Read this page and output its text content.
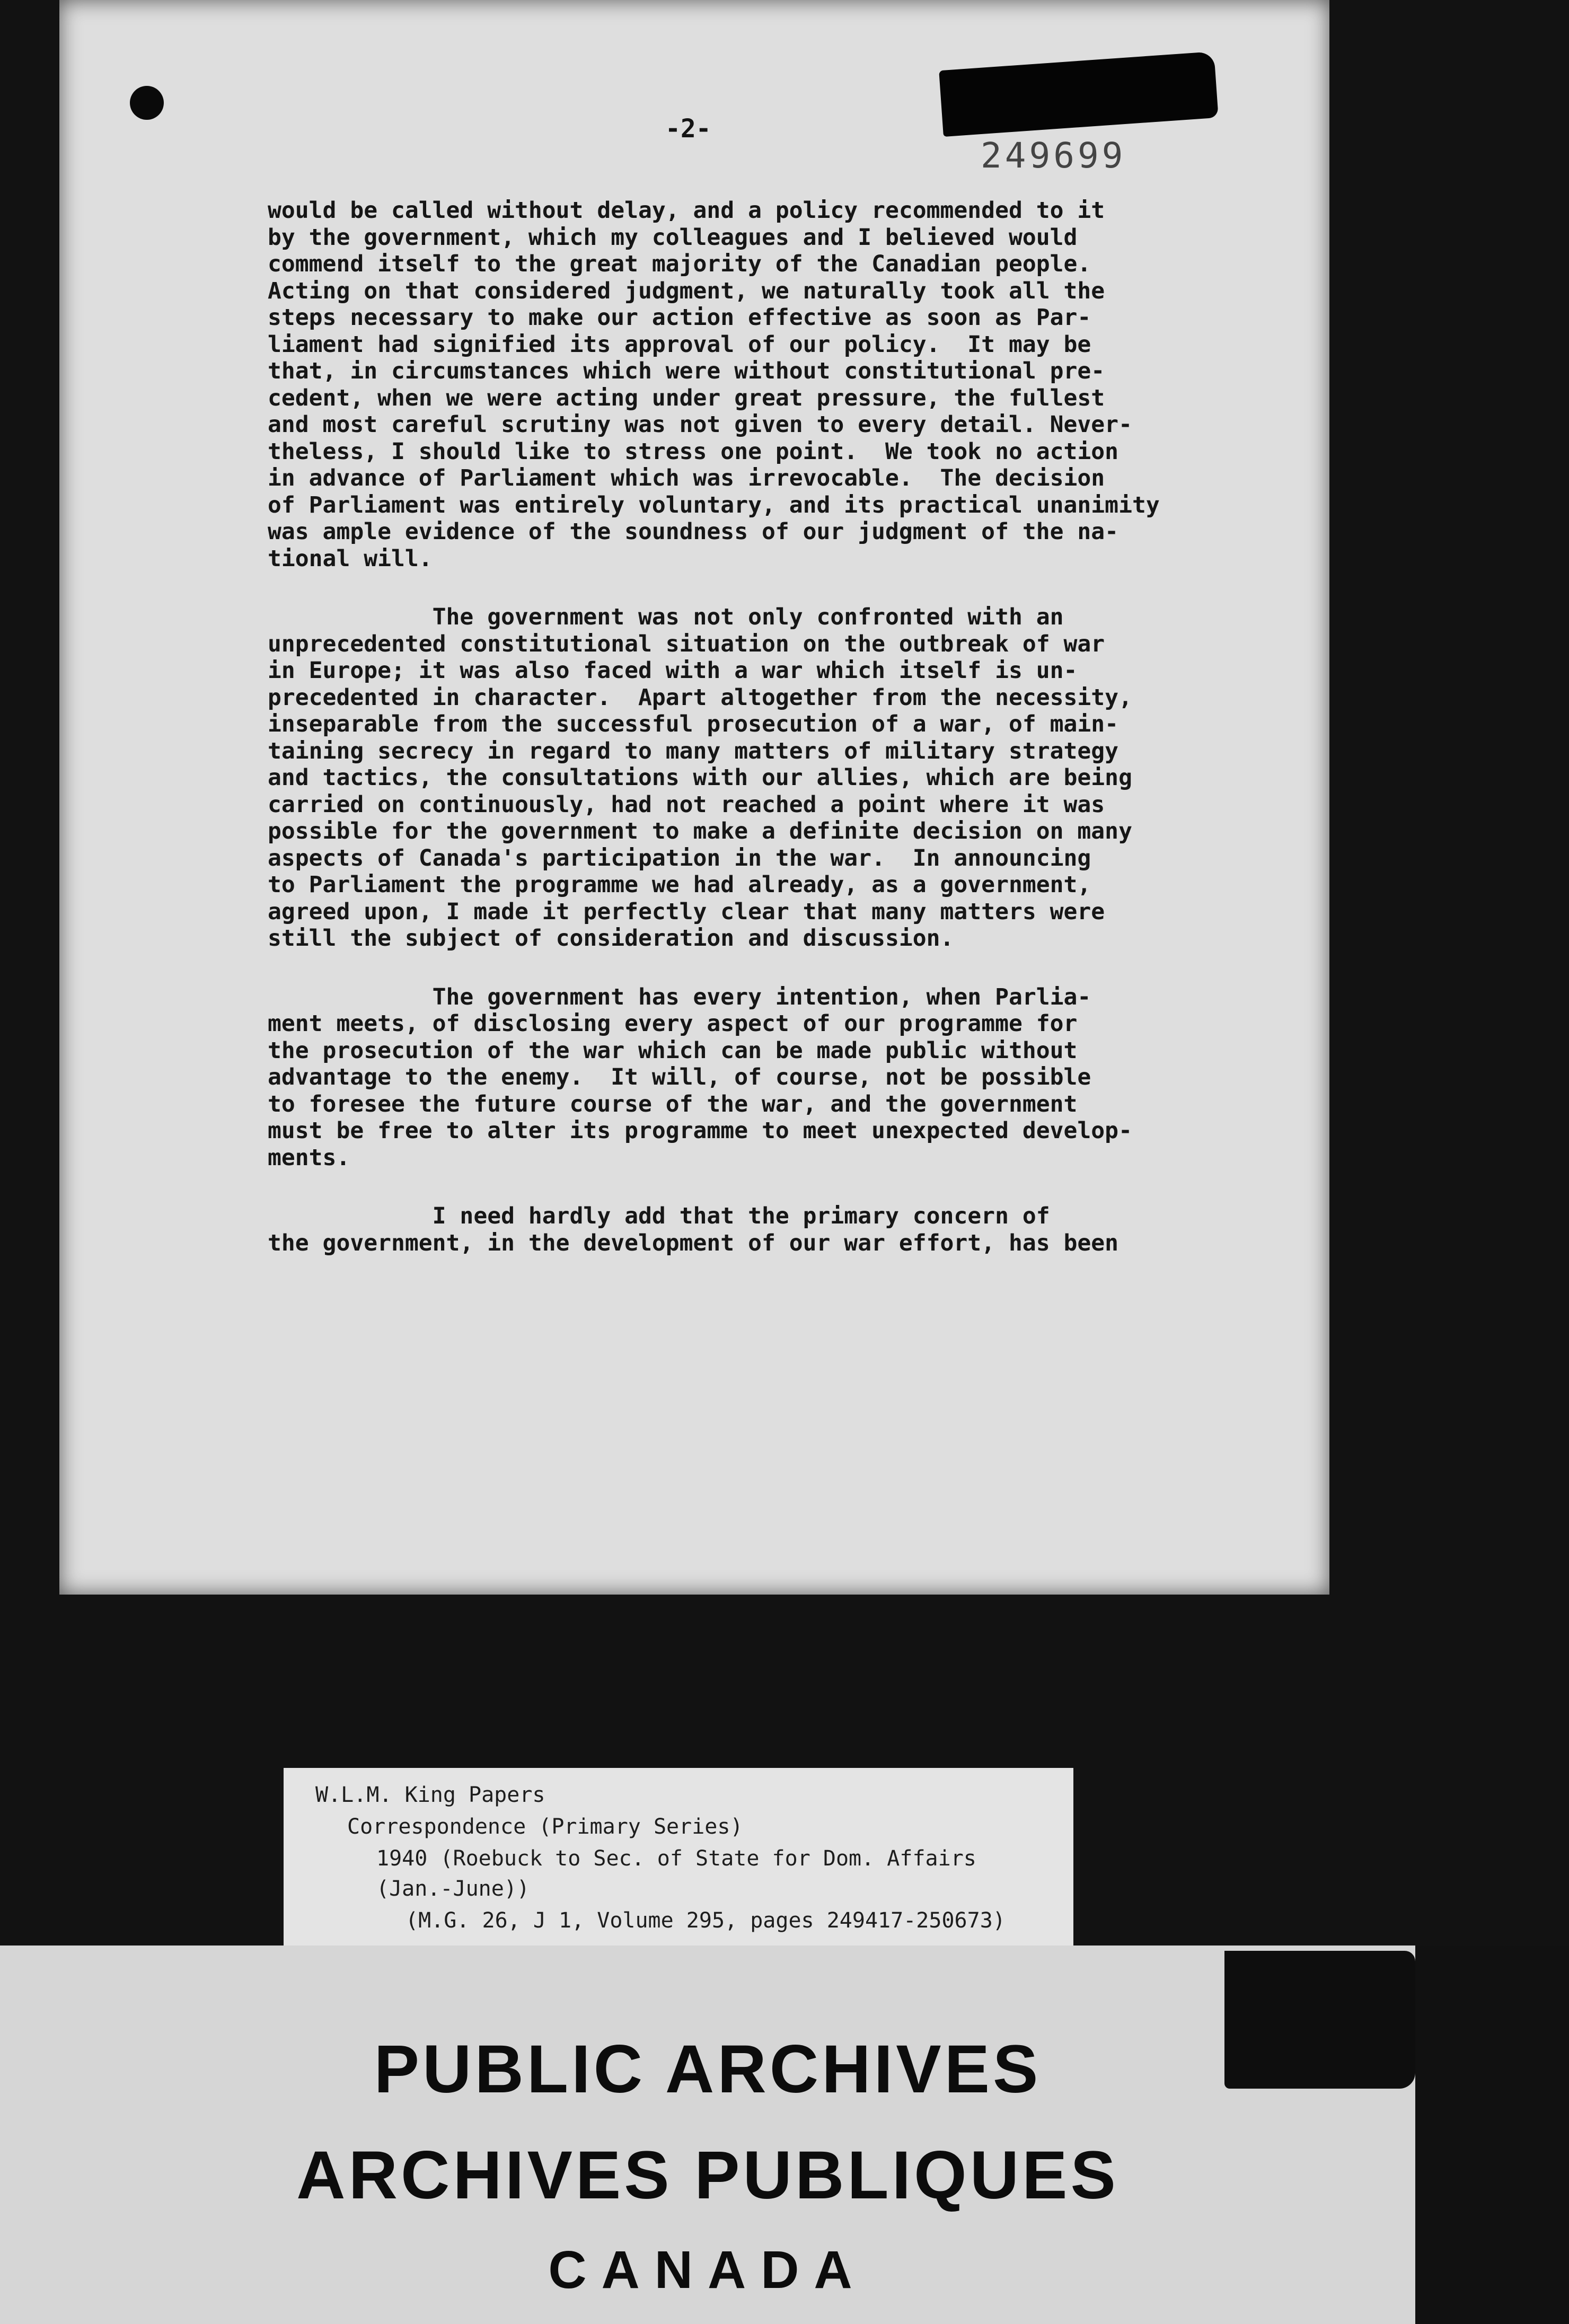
-2-
249699

would be called without delay, and a policy recommended to it
by the government, which my colleagues and I believed would
commend itself to the great majority of the Canadian people.
Acting on that considered judgment, we naturally took all the
steps necessary to make our action effective as soon as Par-
liament had signified its approval of our policy.  It may be
that, in circumstances which were without constitutional pre-
cedent, when we were acting under great pressure, the fullest
and most careful scrutiny was not given to every detail. Never-
theless, I should like to stress one point.  We took no action
in advance of Parliament which was irrevocable.  The decision
of Parliament was entirely voluntary, and its practical unanimity
was ample evidence of the soundness of our judgment of the na-
tional will.

The government was not only confronted with an
unprecedented constitutional situation on the outbreak of war
in Europe; it was also faced with a war which itself is un-
precedented in character.  Apart altogether from the necessity,
inseparable from the successful prosecution of a war, of main-
taining secrecy in regard to many matters of military strategy
and tactics, the consultations with our allies, which are being
carried on continuously, had not reached a point where it was
possible for the government to make a definite decision on many
aspects of Canada's participation in the war.  In announcing
to Parliament the programme we had already, as a government,
agreed upon, I made it perfectly clear that many matters were
still the subject of consideration and discussion.

The government has every intention, when Parlia-
ment meets, of disclosing every aspect of our programme for
the prosecution of the war which can be made public without
advantage to the enemy.  It will, of course, not be possible
to foresee the future course of the war, and the government
must be free to alter its programme to meet unexpected develop-
ments.

I need hardly add that the primary concern of
the government, in the development of our war effort, has been

W.L.M. King Papers
Correspondence (Primary Series)
1940 (Roebuck to Sec. of State for Dom. Affairs
(Jan.-June))
(M.G. 26, J 1, Volume 295, pages 249417-250673)
PUBLIC ARCHIVES
ARCHIVES PUBLIQUES
CANADA
